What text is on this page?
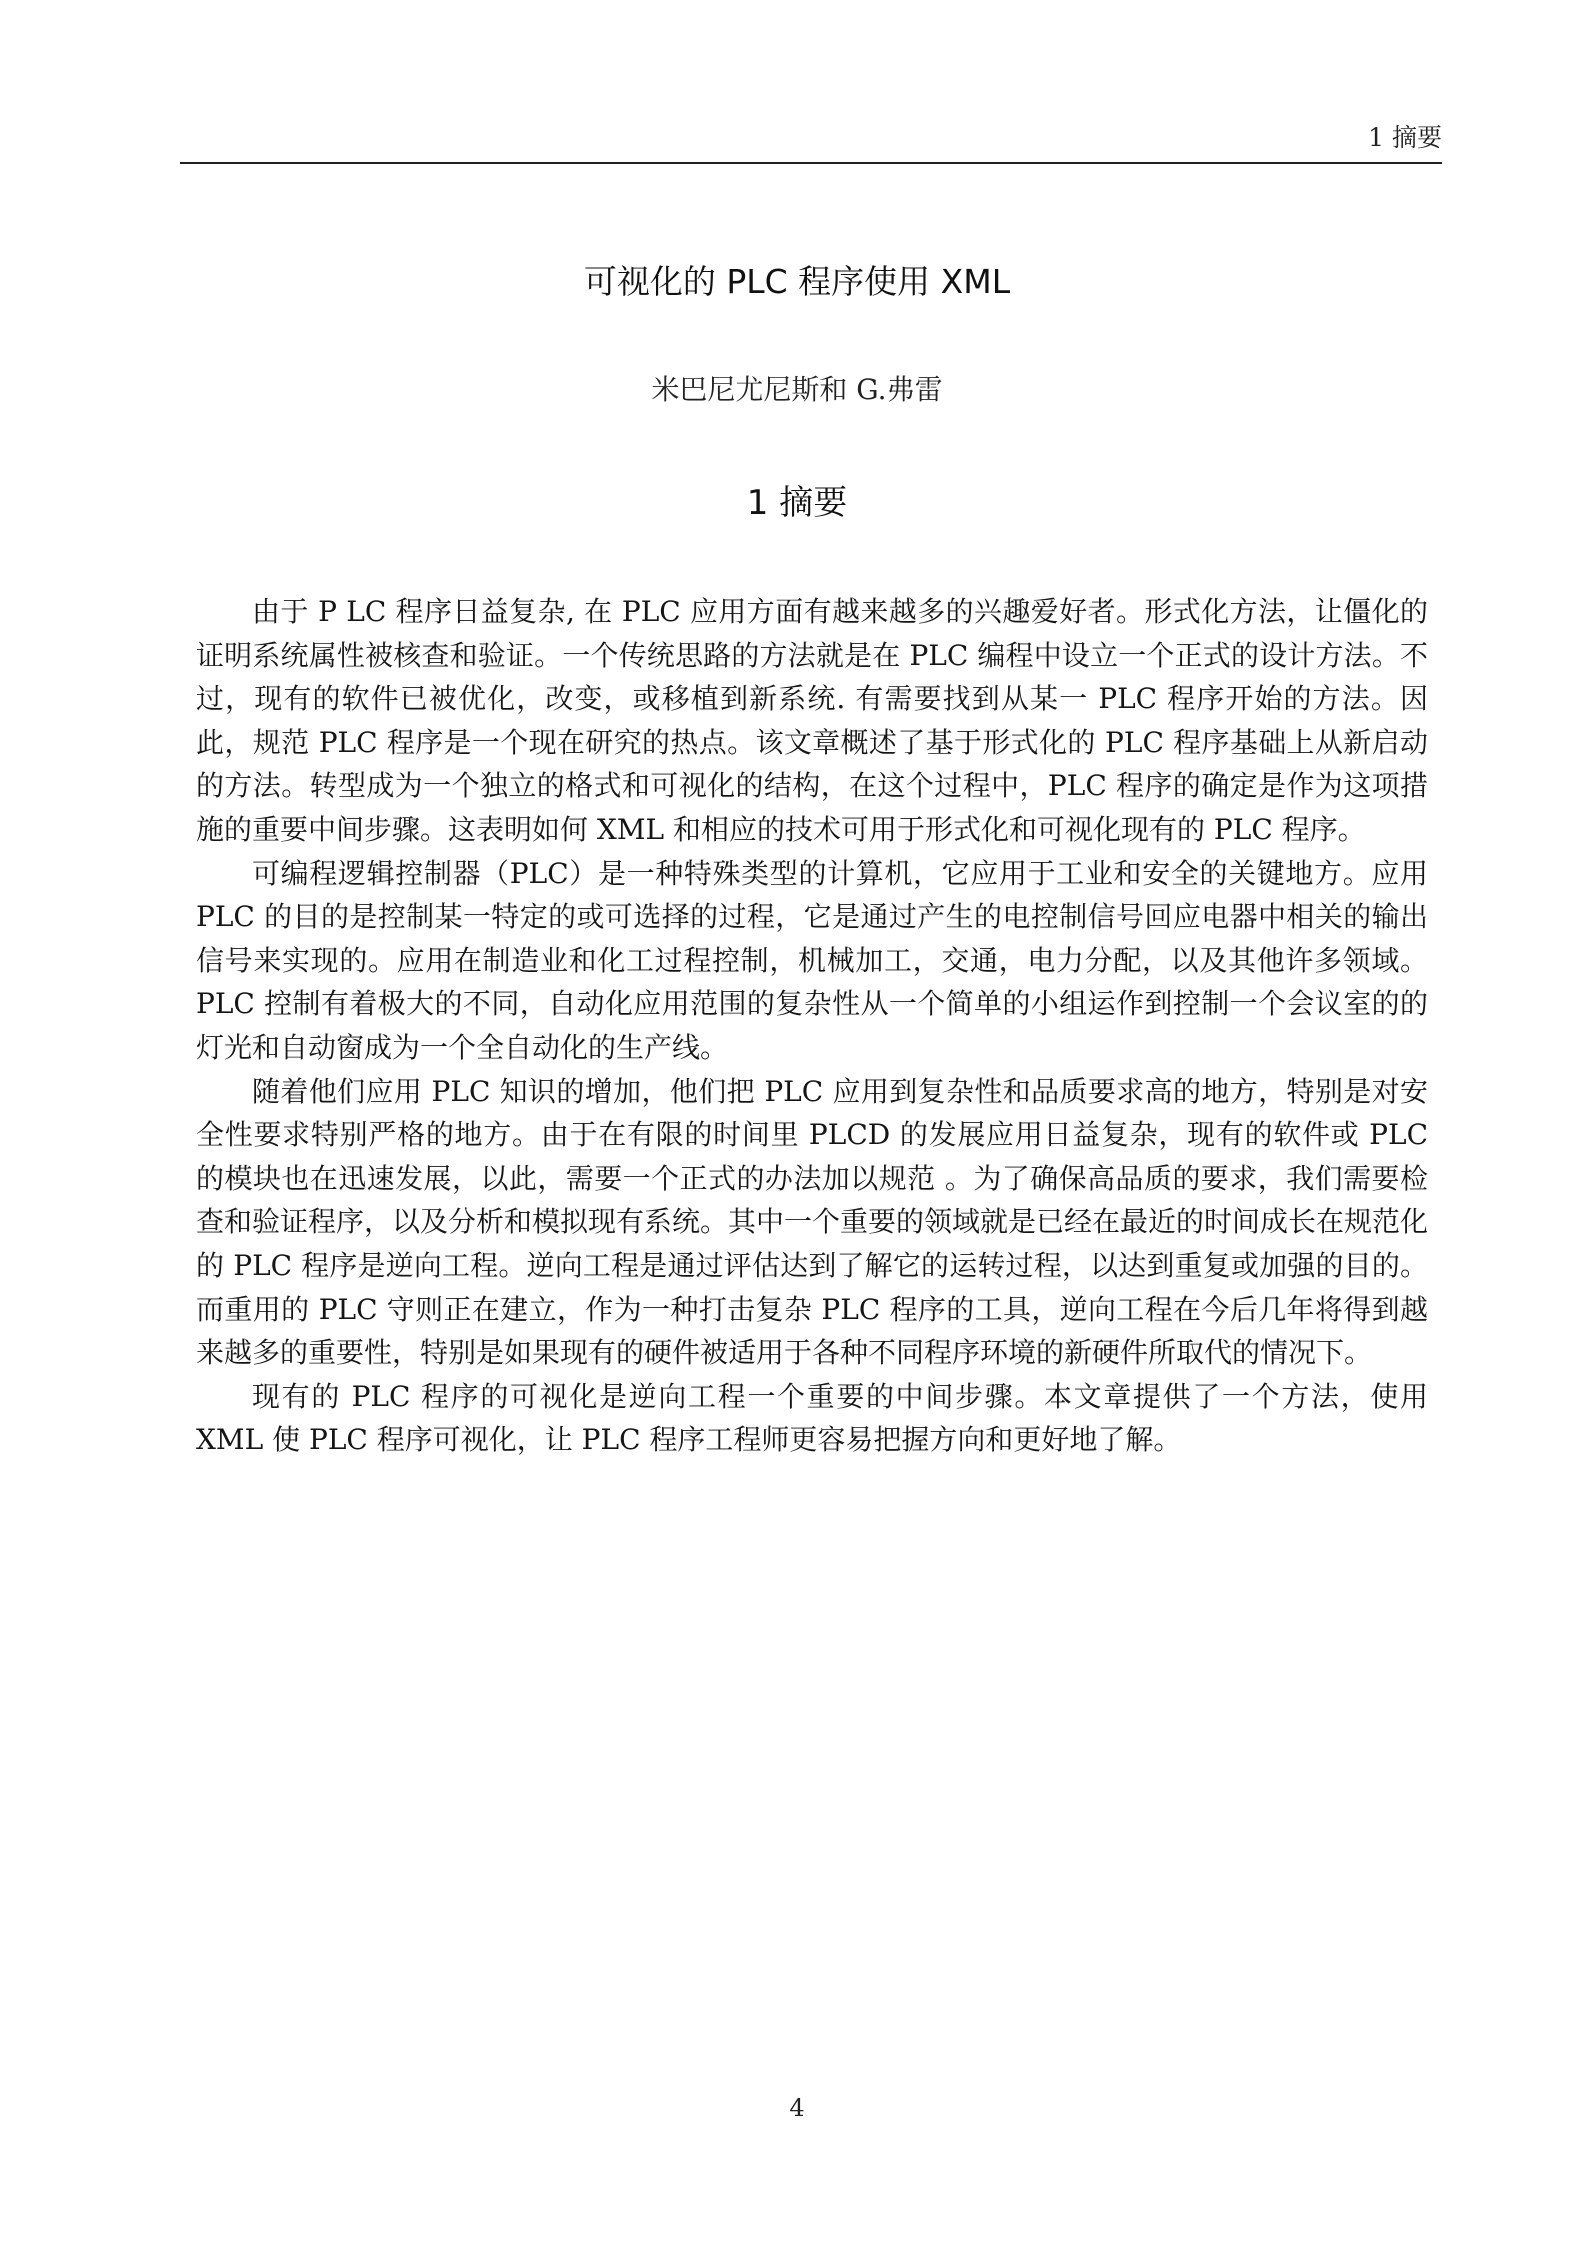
1 摘要
可视化的 PLC 程序使用 XML
米巴尼尤尼斯和 G.弗雷
1 摘要

由于 P LC 程序日益复杂, 在 PLC 应用方面有越来越多的兴趣爱好者。形式化方法，让僵化的证明系统属性被核查和验证。一个传统思路的方法就是在 PLC 编程中设立一个正式的设计方法。不过，现有的软件已被优化，改变，或移植到新系统. 有需要找到从某一 PLC 程序开始的方法。因此，规范 PLC 程序是一个现在研究的热点。该文章概述了基于形式化的 PLC 程序基础上从新启动的方法。转型成为一个独立的格式和可视化的结构，在这个过程中，PLC 程序的确定是作为这项措施的重要中间步骤。这表明如何 XML 和相应的技术可用于形式化和可视化现有的 PLC 程序。

可编程逻辑控制器（PLC）是一种特殊类型的计算机，它应用于工业和安全的关键地方。应用 PLC 的目的是控制某一特定的或可选择的过程，它是通过产生的电控制信号回应电器中相关的输出信号来实现的。应用在制造业和化工过程控制，机械加工，交通，电力分配，以及其他许多领域。PLC 控制有着极大的不同，自动化应用范围的复杂性从一个简单的小组运作到控制一个会议室的的灯光和自动窗成为一个全自动化的生产线。

随着他们应用 PLC 知识的增加，他们把 PLC 应用到复杂性和品质要求高的地方，特别是对安全性要求特别严格的地方。由于在有限的时间里 PLCD 的发展应用日益复杂，现有的软件或 PLC 的模块也在迅速发展，以此，需要一个正式的办法加以规范 。为了确保高品质的要求，我们需要检查和验证程序，以及分析和模拟现有系统。其中一个重要的领域就是已经在最近的时间成长在规范化的 PLC 程序是逆向工程。逆向工程是通过评估达到了解它的运转过程，以达到重复或加强的目的。而重用的 PLC 守则正在建立，作为一种打击复杂 PLC 程序的工具，逆向工程在今后几年将得到越来越多的重要性，特别是如果现有的硬件被适用于各种不同程序环境的新硬件所取代的情况下。

现有的 PLC 程序的可视化是逆向工程一个重要的中间步骤。本文章提供了一个方法，使用 XML 使 PLC 程序可视化，让 PLC 程序工程师更容易把握方向和更好地了解。

4
